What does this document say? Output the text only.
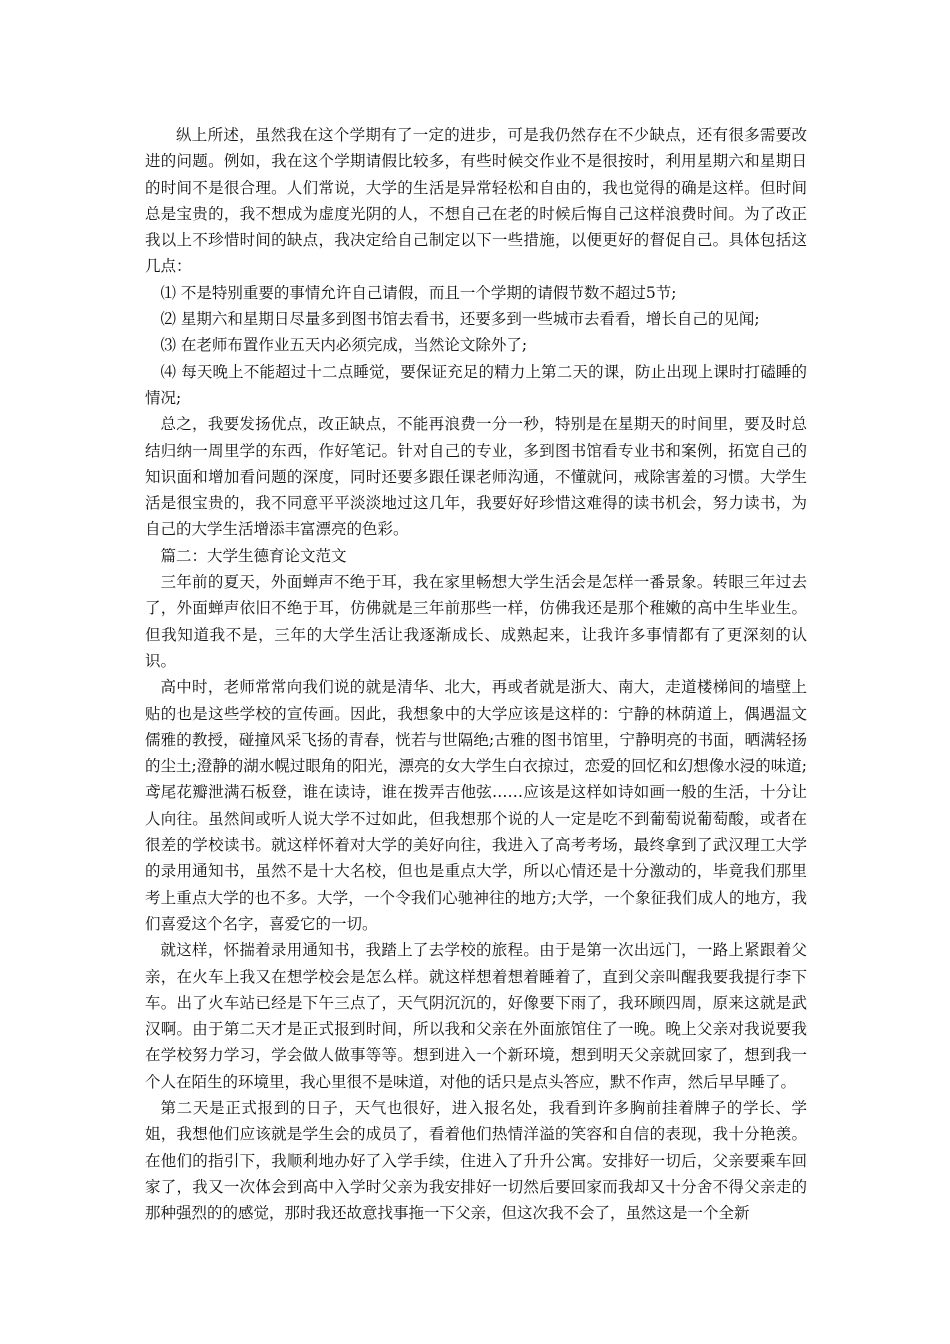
纵上所述，虽然我在这个学期有了一定的进步，可是我仍然存在不少缺点，还有很多需要改进的问题。例如，我在这个学期请假比较多，有些时候交作业不是很按时，利用星期六和星期日的时间不是很合理。人们常说，大学的生活是异常轻松和自由的，我也觉得的确是这样。但时间总是宝贵的，我不想成为虚度光阴的人，不想自己在老的时候后悔自己这样浪费时间。为了改正我以上不珍惜时间的缺点，我决定给自己制定以下一些措施，以便更好的督促自己。具体包括这几点：

⑴ 不是特别重要的事情允许自己请假，而且一个学期的请假节数不超过5节;

⑵ 星期六和星期日尽量多到图书馆去看书，还要多到一些城市去看看，增长自己的见闻;

⑶ 在老师布置作业五天内必须完成，当然论文除外了;

⑷ 每天晚上不能超过十二点睡觉，要保证充足的精力上第二天的课，防止出现上课时打磕睡的情况;

总之，我要发扬优点，改正缺点，不能再浪费一分一秒，特别是在星期天的时间里，要及时总结归纳一周里学的东西，作好笔记。针对自己的专业，多到图书馆看专业书和案例，拓宽自己的知识面和增加看问题的深度，同时还要多跟任课老师沟通，不懂就问，戒除害羞的习惯。大学生活是很宝贵的，我不同意平平淡淡地过这几年，我要好好珍惜这难得的读书机会，努力读书，为自己的大学生活增添丰富漂亮的色彩。

篇二：大学生德育论文范文

三年前的夏天，外面蝉声不绝于耳，我在家里畅想大学生活会是怎样一番景象。转眼三年过去了，外面蝉声依旧不绝于耳，仿佛就是三年前那些一样，仿佛我还是那个稚嫩的高中生毕业生。但我知道我不是，三年的大学生活让我逐渐成长、成熟起来，让我许多事情都有了更深刻的认识。

高中时，老师常常向我们说的就是清华、北大，再或者就是浙大、南大，走道楼梯间的墙壁上贴的也是这些学校的宣传画。因此，我想象中的大学应该是这样的：宁静的林荫道上，偶遇温文儒雅的教授，碰撞风采飞扬的青春，恍若与世隔绝;古雅的图书馆里，宁静明亮的书面，晒满轻扬的尘土;澄静的湖水幌过眼角的阳光，漂亮的女大学生白衣掠过，恋爱的回忆和幻想像水浸的味道;鸢尾花瓣泄满石板登，谁在读诗，谁在拨弄吉他弦……应该是这样如诗如画一般的生活，十分让人向往。虽然间或听人说大学不过如此，但我想那个说的人一定是吃不到葡萄说葡萄酸，或者在很差的学校读书。就这样怀着对大学的美好向往，我进入了高考考场，最终拿到了武汉理工大学的录用通知书，虽然不是十大名校，但也是重点大学，所以心情还是十分激动的，毕竟我们那里考上重点大学的也不多。大学，一个令我们心驰神往的地方;大学，一个象征我们成人的地方，我们喜爱这个名字，喜爱它的一切。

就这样，怀揣着录用通知书，我踏上了去学校的旅程。由于是第一次出远门，一路上紧跟着父亲，在火车上我又在想学校会是怎么样。就这样想着想着睡着了，直到父亲叫醒我要我提行李下车。出了火车站已经是下午三点了，天气阴沉沉的，好像要下雨了，我环顾四周，原来这就是武汉啊。由于第二天才是正式报到时间，所以我和父亲在外面旅馆住了一晚。晚上父亲对我说要我在学校努力学习，学会做人做事等等。想到进入一个新环境，想到明天父亲就回家了，想到我一个人在陌生的环境里，我心里很不是味道，对他的话只是点头答应，默不作声，然后早早睡了。

第二天是正式报到的日子，天气也很好，进入报名处，我看到许多胸前挂着牌子的学长、学姐，我想他们应该就是学生会的成员了，看着他们热情洋溢的笑容和自信的表现，我十分艳羡。在他们的指引下，我顺利地办好了入学手续，住进入了升升公寓。安排好一切后，父亲要乘车回家了，我又一次体会到高中入学时父亲为我安排好一切然后要回家而我却又十分舍不得父亲走的那种强烈的的感觉，那时我还故意找事拖一下父亲，但这次我不会了，虽然这是一个全新
